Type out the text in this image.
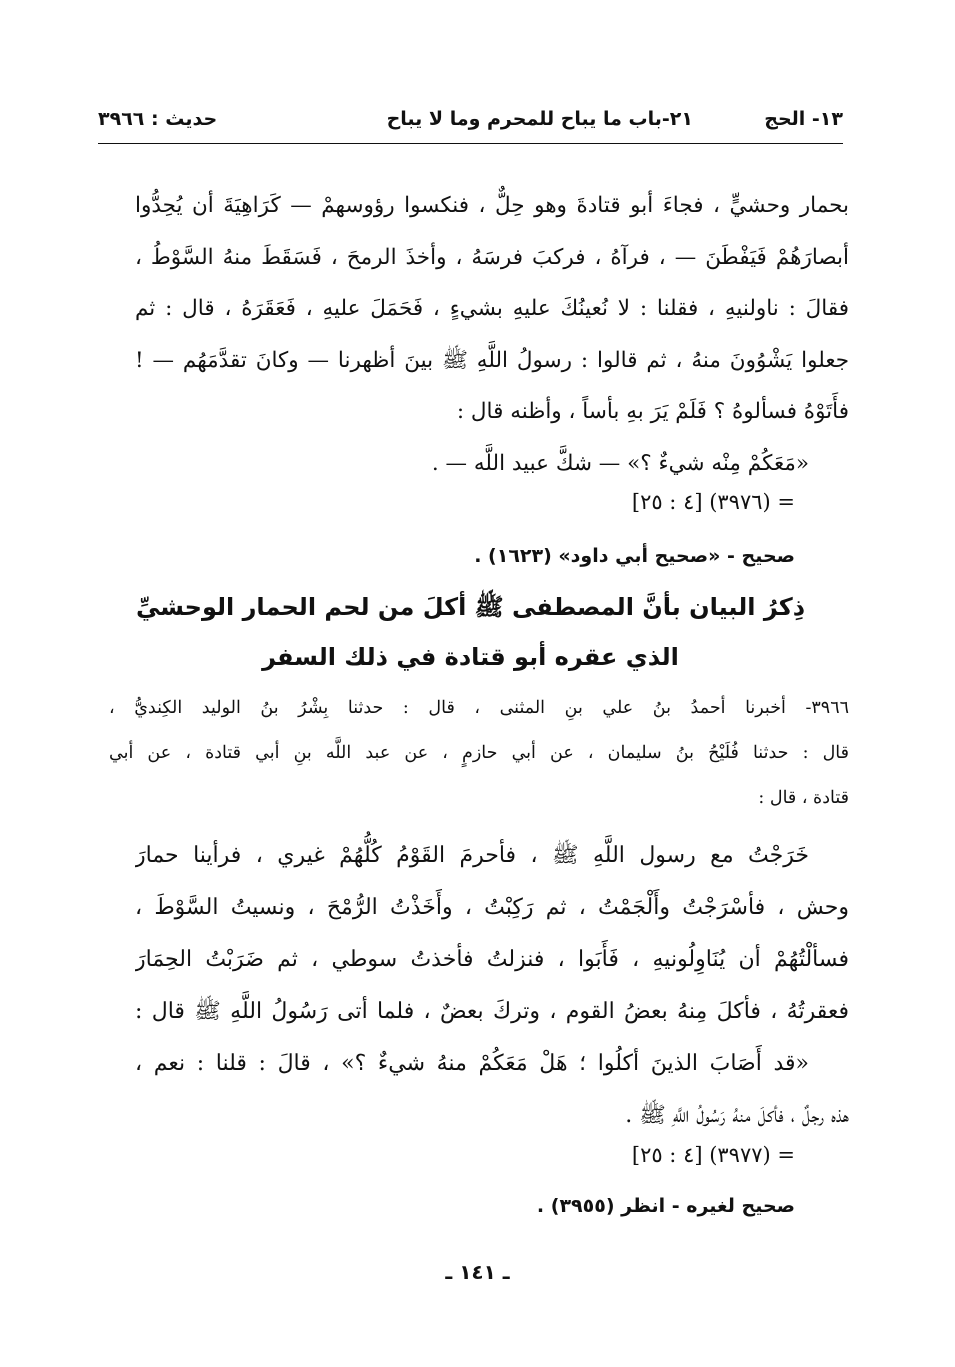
١٣- الحج
٢١-باب ما يباح للمحرم وما لا يباح
حديث : ٣٩٦٦
بحمار وحشيٍّ ، فجاءَ أبو قتادةَ وهو حِلٌّ ، فنكسوا رؤوسهمْ — كَرَاهِيَةَ أن يُحِدُّوا
أبصارَهُمْ فَيَفْطَنَ — ، فرآهُ ، فركبَ فرسَهُ ، وأخذَ الرمحَ ، فَسَقَطَ منهُ السَّوْطُ ،
فقالَ : ناولنيهِ ، فقلنا : لا نُعينُكَ عليهِ بشيءٍ ، فَحَمَلَ عليهِ ، فَعَقَرَهُ ، قال : ثم
جعلوا يَشْوُونَ منهُ ، ثم قالوا : رسولُ اللَّهِ ﷺ بينَ أظهرنا — وكانَ تقدَّمَهُم — !
فأَتَوْهُ فسألوهُ ؟ فَلَمْ يَرَ بهِ بأساً ، وأظنه قال :
«مَعَكُمْ مِنْه شيءٌ ؟» — شكَّ عبيد اللَّه — .
= (٣٩٧٦) [٤ : ٢٥]
صحيح - «صحيح أبي داود» (١٦٢٣) .
ذِكرُ البيان بأنَّ المصطفى ﷺ أكلَ من لحم الحمار الوحشيِّ
الذي عقره أبو قتادة في ذلك السفر
٣٩٦٦- أخبرنا أحمدُ بنُ علي بنِ المثنى ، قال : حدثنا بِشْرُ بنُ الوليد الكِنديُّ ،
قال : حدثنا فُلَيْحُ بنُ سليمان ، عن أبي حازمٍ ، عن عبد اللَّه بنِ أبي قتادة ، عن أبي
قتادة ، قال :
خَرَجْتُ مع رسول اللَّهِ ﷺ ، فأحرمَ القَوْمُ كُلُّهُمْ غيري ، فرأينا حمارَ
وحش ، فأسْرَجْتُ وأَلْجَمْتُ ، ثم رَكِبْتُ ، وأَخَذْتُ الرُّمْحَ ، ونسيتُ السَّوْطَ ،
فسألْتُهُمْ أن يُنَاوِلُونيهِ ، فَأَبَوا ، فنزلتُ فأخذتُ سوطي ، ثم ضَرَبْتُ الحِمَارَ
فعقرتُهُ ، فأكلَ مِنهُ بعضُ القوم ، وتركَ بعضٌ ، فلما أتى رَسُولُ اللَّهِ ﷺ قال :
«قد أَصَابَ الذينَ أكلُوا ؛ هَلْ مَعَكُمْ منهُ شيءٌ ؟» ، قالَ : قلنا : نعم ،
هذه رجلٌ ، فأكلَ منهُ رَسُولُ اللَّهِ ﷺ .
= (٣٩٧٧) [٤ : ٢٥]
صحيح لغيره - انظر (٣٩٥٥) .
ـ ١٤١ ـ
